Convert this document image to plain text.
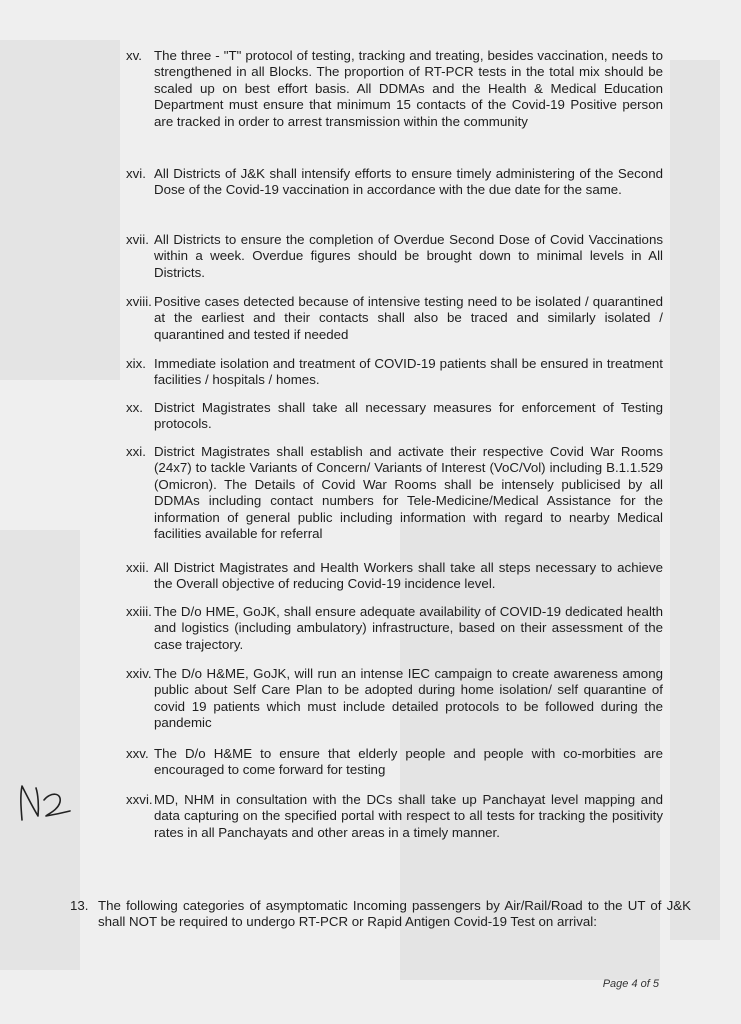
xv. The three - "T" protocol of testing, tracking and treating, besides vaccination, needs to strengthened in all Blocks. The proportion of RT-PCR tests in the total mix should be scaled up on best effort basis. All DDMAs and the Health & Medical Education Department must ensure that minimum 15 contacts of the Covid-19 Positive person are tracked in order to arrest transmission within the community
xvi. All Districts of J&K shall intensify efforts to ensure timely administering of the Second Dose of the Covid-19 vaccination in accordance with the due date for the same.
xvii. All Districts to ensure the completion of Overdue Second Dose of Covid Vaccinations within a week. Overdue figures should be brought down to minimal levels in All Districts.
xviii. Positive cases detected because of intensive testing need to be isolated / quarantined at the earliest and their contacts shall also be traced and similarly isolated / quarantined and tested if needed
xix. Immediate isolation and treatment of COVID-19 patients shall be ensured in treatment facilities / hospitals / homes.
xx. District Magistrates shall take all necessary measures for enforcement of Testing protocols.
xxi. District Magistrates shall establish and activate their respective Covid War Rooms (24x7) to tackle Variants of Concern/ Variants of Interest (VoC/Vol) including B.1.1.529 (Omicron). The Details of Covid War Rooms shall be intensely publicised by all DDMAs including contact numbers for Tele-Medicine/Medical Assistance for the information of general public including information with regard to nearby Medical facilities available for referral
xxii. All District Magistrates and Health Workers shall take all steps necessary to achieve the Overall objective of reducing Covid-19 incidence level.
xxiii. The D/o HME, GoJK, shall ensure adequate availability of COVID-19 dedicated health and logistics (including ambulatory) infrastructure, based on their assessment of the case trajectory.
xxiv. The D/o H&ME, GoJK, will run an intense IEC campaign to create awareness among public about Self Care Plan to be adopted during home isolation/ self quarantine of covid 19 patients which must include detailed protocols to be followed during the pandemic
xxv. The D/o H&ME to ensure that elderly people and people with co-morbities are encouraged to come forward for testing
xxvi. MD, NHM in consultation with the DCs shall take up Panchayat level mapping and data capturing on the specified portal with respect to all tests for tracking the positivity rates in all Panchayats and other areas in a timely manner.
13. The following categories of asymptomatic Incoming passengers by Air/Rail/Road to the UT of J&K shall NOT be required to undergo RT-PCR or Rapid Antigen Covid-19 Test on arrival:
Page 4 of 5
